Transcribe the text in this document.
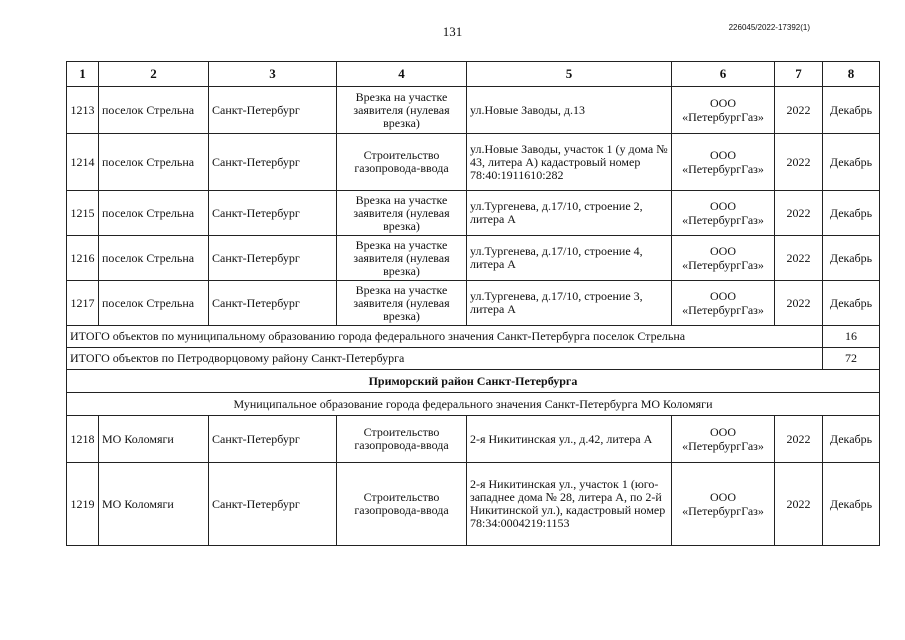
131	226045/2022-17392(1)
1	2	3	4	5	6	7	8
1213	поселок Стрельна	Санкт-Петербург	Врезка на участке заявителя (нулевая врезка)	ул.Новые Заводы, д.13	ООО «ПетербургГаз»	2022	Декабрь
1214	поселок Стрельна	Санкт-Петербург	Строительство газопровода-ввода	ул.Новые Заводы, участок 1 (у дома № 43, литера А) кадастровый номер 78:40:1911610:282	ООО «ПетербургГаз»	2022	Декабрь
1215	поселок Стрельна	Санкт-Петербург	Врезка на участке заявителя (нулевая врезка)	ул.Тургенева, д.17/10, строение 2, литера А	ООО «ПетербургГаз»	2022	Декабрь
1216	поселок Стрельна	Санкт-Петербург	Врезка на участке заявителя (нулевая врезка)	ул.Тургенева, д.17/10, строение 4, литера А	ООО «ПетербургГаз»	2022	Декабрь
1217	поселок Стрельна	Санкт-Петербург	Врезка на участке заявителя (нулевая врезка)	ул.Тургенева, д.17/10, строение 3, литера А	ООО «ПетербургГаз»	2022	Декабрь
ИТОГО объектов по муниципальному образованию города федерального значения Санкт-Петербурга поселок Стрельна							16
ИТОГО объектов по Петродворцовому району Санкт-Петербурга							72
Приморский район Санкт-Петербурга							
Муниципальное образование города федерального значения Санкт-Петербурга МО Коломяги							
1218	МО Коломяги	Санкт-Петербург	Строительство газопровода-ввода	2-я Никитинская ул., д.42, литера А	ООО «ПетербургГаз»	2022	Декабрь
1219	МО Коломяги	Санкт-Петербург	Строительство газопровода-ввода	2-я Никитинская ул., участок 1 (юго-западнее дома № 28, литера А, по 2-й Никитинской ул.), кадастровый номер 78:34:0004219:1153	ООО «ПетербургГаз»	2022	Декабрь
